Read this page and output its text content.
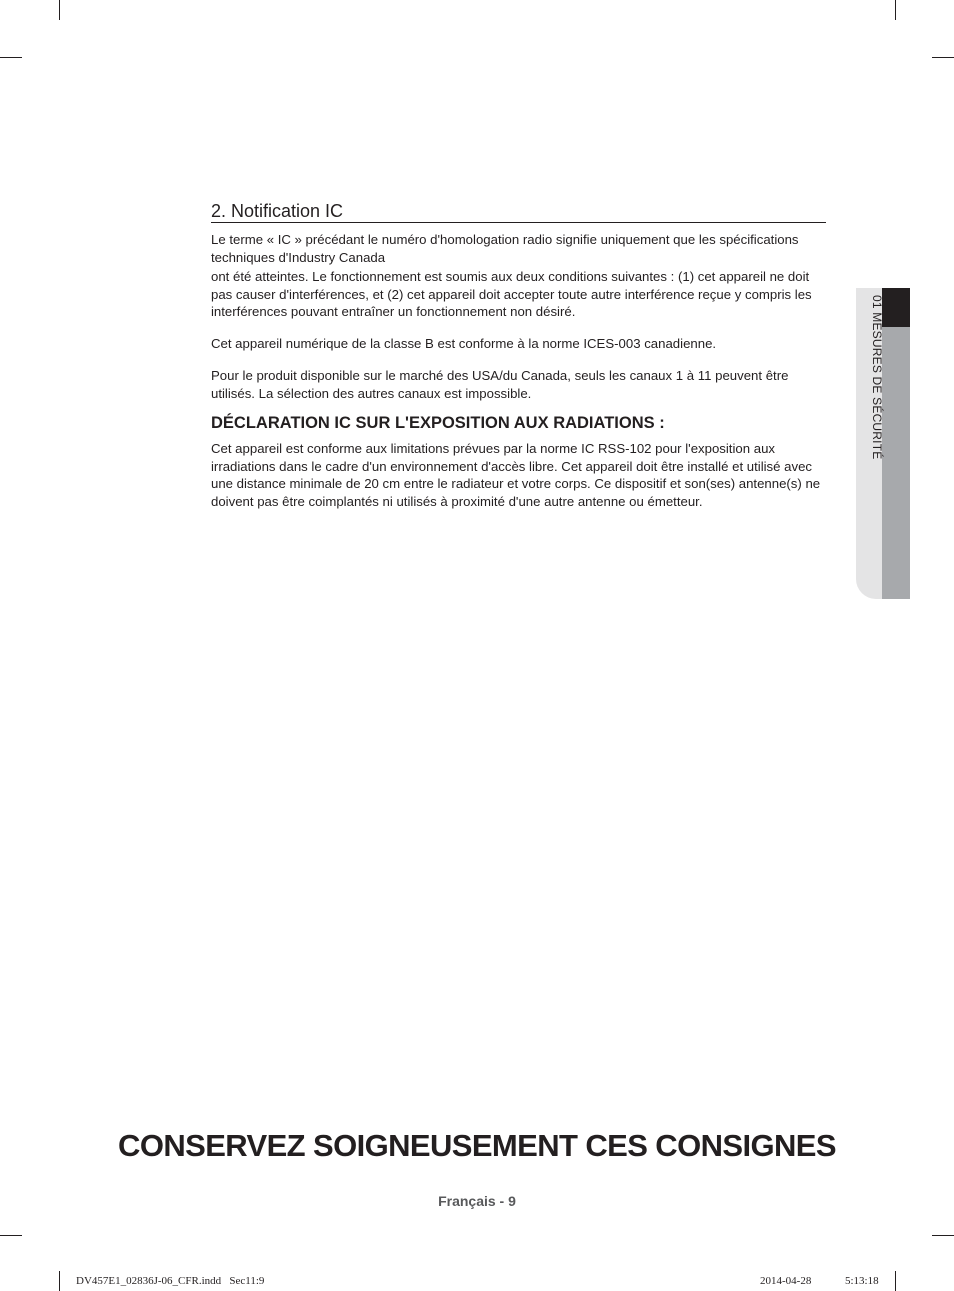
2. Notification IC

Le terme « IC » précédant le numéro d'homologation radio signifie uniquement que les spécifications techniques d'Industry Canada

ont été atteintes. Le fonctionnement est soumis aux deux conditions suivantes : (1) cet appareil ne doit pas causer d'interférences, et (2) cet appareil doit accepter toute autre interférence reçue y compris les interférences pouvant entraîner un fonctionnement non désiré.

Cet appareil numérique de la classe B est conforme à la norme ICES-003 canadienne.

Pour le produit disponible sur le marché des USA/du Canada, seuls les canaux 1 à 11 peuvent être utilisés. La sélection des autres canaux est impossible.

DÉCLARATION IC SUR L'EXPOSITION AUX RADIATIONS :

Cet appareil est conforme aux limitations prévues par la norme IC RSS-102 pour l'exposition aux irradiations dans le cadre d'un environnement d'accès libre. Cet appareil doit être installé et utilisé avec une distance minimale de 20 cm entre le radiateur et votre corps. Ce dispositif et son(ses) antenne(s) ne doivent pas être coimplantés ni utilisés à proximité d'une autre antenne ou émetteur.

01 MESURES DE SÉCURITÉ
CONSERVEZ SOIGNEUSEMENT CES CONSIGNES
Français - 9
DV457E1_02836J-06_CFR.indd   Sec11:9	2014-04-28	5:13:18
